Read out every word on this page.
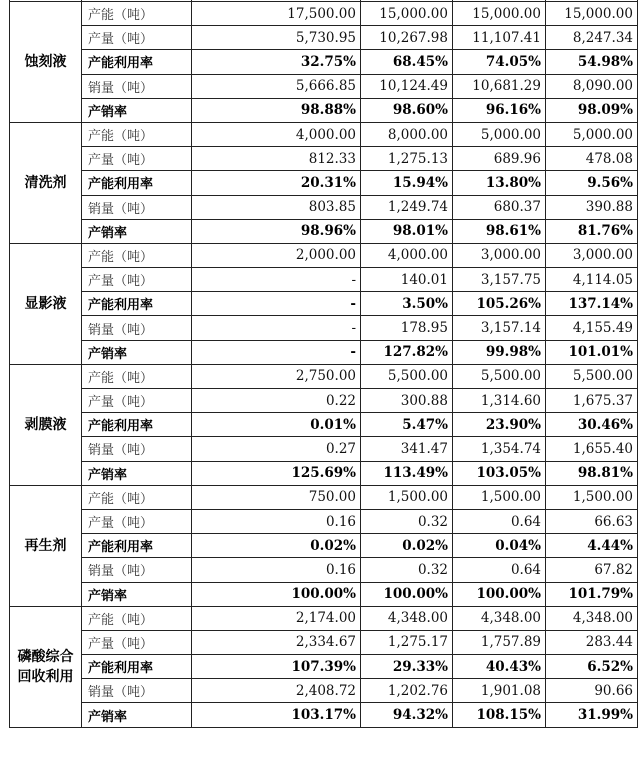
蚀刻液	产能（吨）	17,500.00	15,000.00	15,000.00	15,000.00
	产量（吨）	5,730.95	10,267.98	11,107.41	8,247.34
	产能利用率	32.75%	68.45%	74.05%	54.98%
	销量（吨）	5,666.85	10,124.49	10,681.29	8,090.00
	产销率	98.88%	98.60%	96.16%	98.09%
清洗剂	产能（吨）	4,000.00	8,000.00	5,000.00	5,000.00
	产量（吨）	812.33	1,275.13	689.96	478.08
	产能利用率	20.31%	15.94%	13.80%	9.56%
	销量（吨）	803.85	1,249.74	680.37	390.88
	产销率	98.96%	98.01%	98.61%	81.76%
显影液	产能（吨）	2,000.00	4,000.00	3,000.00	3,000.00
	产量（吨）	-	140.01	3,157.75	4,114.05
	产能利用率	-	3.50%	105.26%	137.14%
	销量（吨）	-	178.95	3,157.14	4,155.49
	产销率	-	127.82%	99.98%	101.01%
剥膜液	产能（吨）	2,750.00	5,500.00	5,500.00	5,500.00
	产量（吨）	0.22	300.88	1,314.60	1,675.37
	产能利用率	0.01%	5.47%	23.90%	30.46%
	销量（吨）	0.27	341.47	1,354.74	1,655.40
	产销率	125.69%	113.49%	103.05%	98.81%
再生剂	产能（吨）	750.00	1,500.00	1,500.00	1,500.00
	产量（吨）	0.16	0.32	0.64	66.63
	产能利用率	0.02%	0.02%	0.04%	4.44%
	销量（吨）	0.16	0.32	0.64	67.82
	产销率	100.00%	100.00%	100.00%	101.79%
磷酸综合回收利用	产能（吨）	2,174.00	4,348.00	4,348.00	4,348.00
	产量（吨）	2,334.67	1,275.17	1,757.89	283.44
	产能利用率	107.39%	29.33%	40.43%	6.52%
	销量（吨）	2,408.72	1,202.76	1,901.08	90.66
	产销率	103.17%	94.32%	108.15%	31.99%
